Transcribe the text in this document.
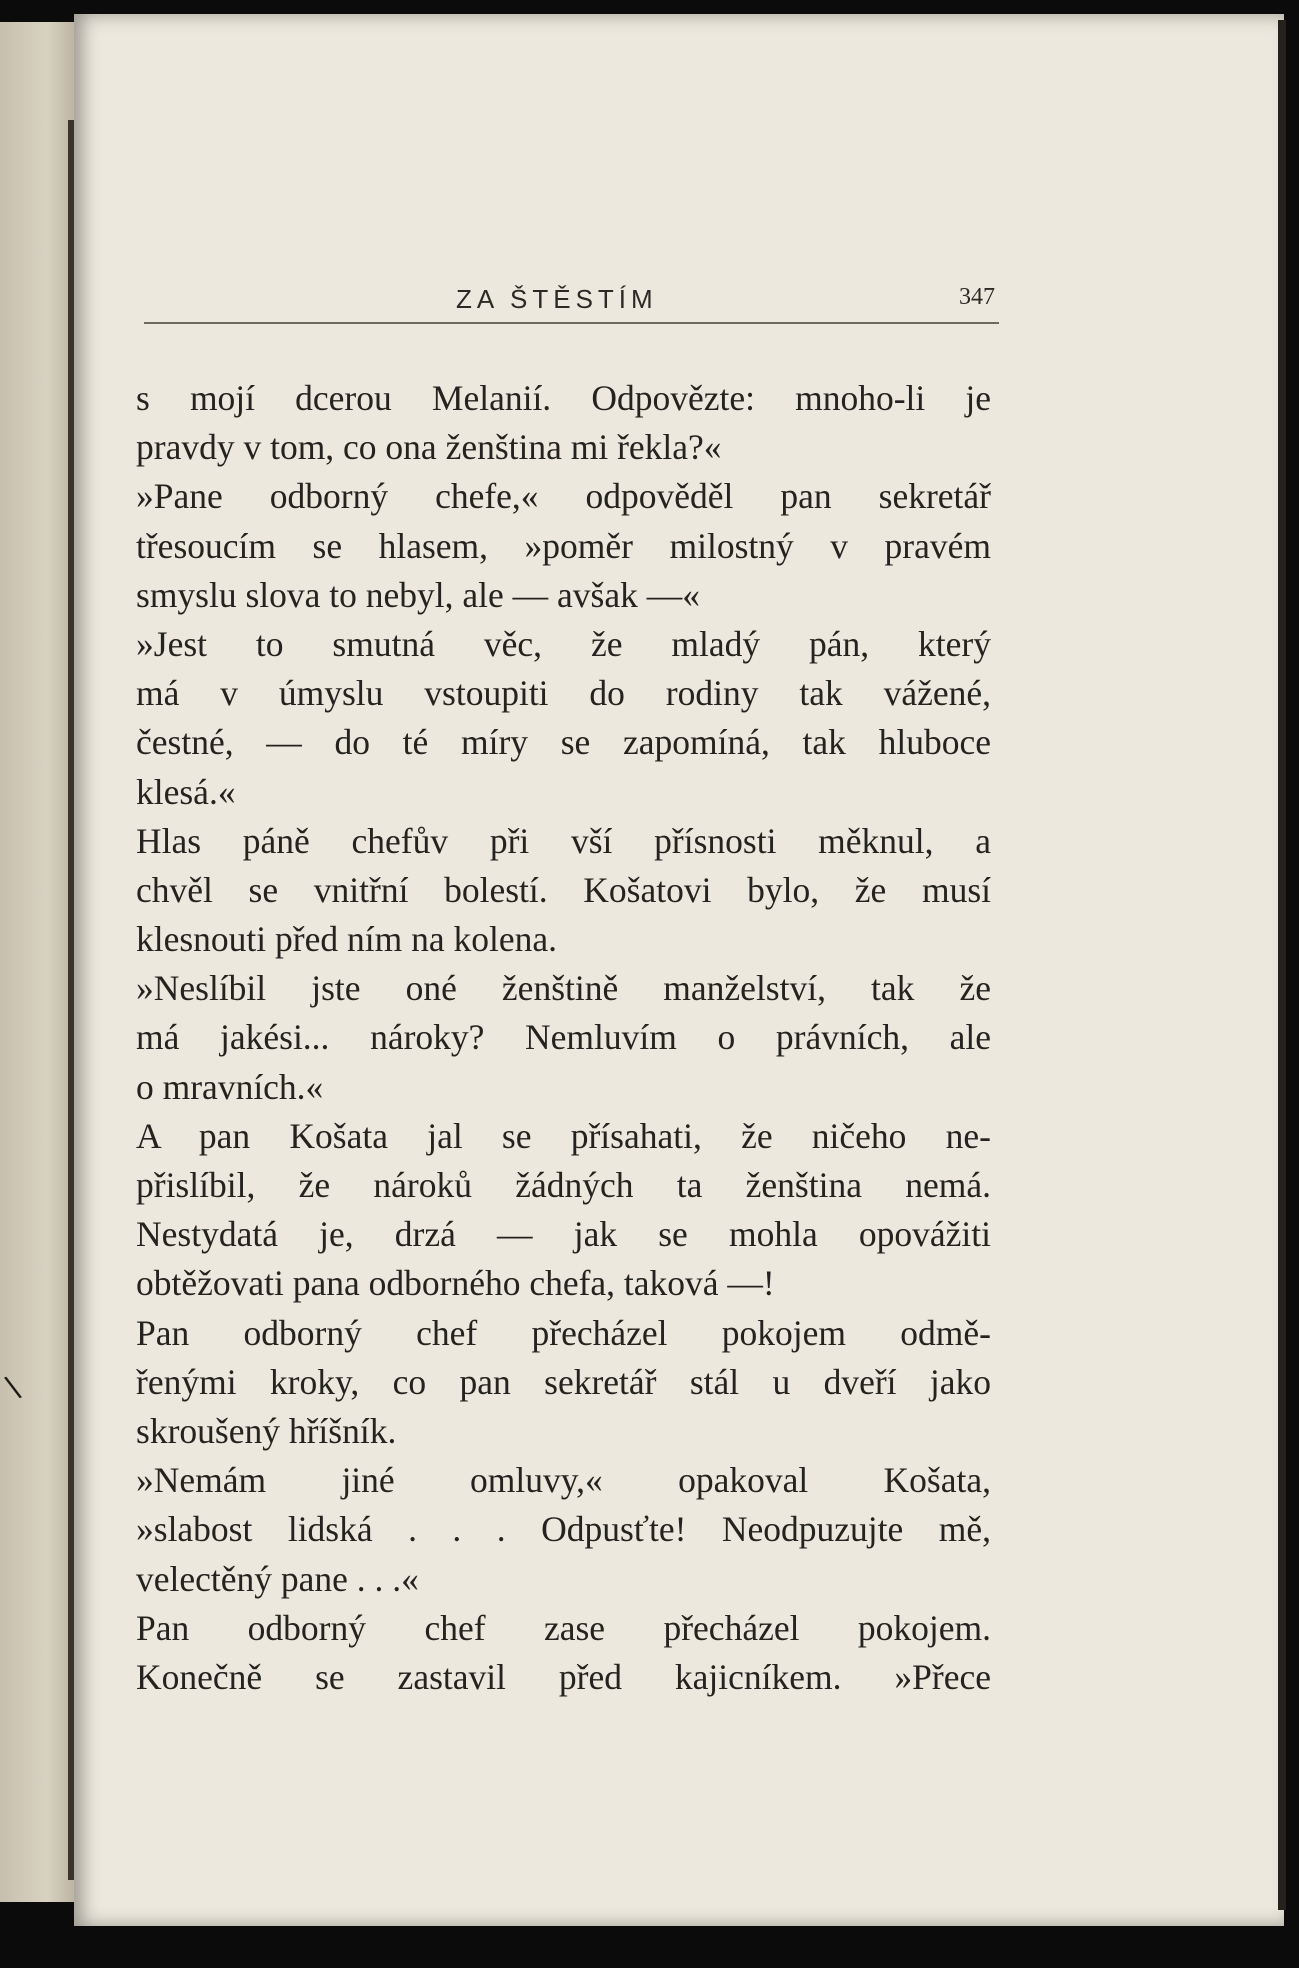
\
ZA ŠTĚSTÍM	347
s mojí dcerou Melanií. Odpovězte: mnoho-li je
pravdy v tom, co ona ženština mi řekla?«
»Pane odborný chefe,« odpověděl pan sekretář
třesoucím se hlasem, »poměr milostný v pravém
smyslu slova to nebyl, ale — avšak —«
»Jest to smutná věc, že mladý pán, který
má v úmyslu vstoupiti do rodiny tak vážené,
čestné, — do té míry se zapomíná, tak hluboce
klesá.«
Hlas páně chefův při vší přísnosti měknul, a
chvěl se vnitřní bolestí. Košatovi bylo, že musí
klesnouti před ním na kolena.
»Neslíbil jste oné ženštině manželství, tak že
má jakési... nároky? Nemluvím o právních, ale
o mravních.«
A pan Košata jal se přísahati, že ničeho ne-
přislíbil, že nároků žádných ta ženština nemá.
Nestydatá je, drzá — jak se mohla opovážiti
obtěžovati pana odborného chefa, taková —!
Pan odborný chef přecházel pokojem odmě-
řenými kroky, co pan sekretář stál u dveří jako
skroušený hříšník.
»Nemám jiné omluvy,« opakoval Košata,
»slabost lidská . . . Odpusťte! Neodpuzujte mě,
velectěný pane . . .«
Pan odborný chef zase přecházel pokojem.
Konečně se zastavil před kajicníkem. »Přece
